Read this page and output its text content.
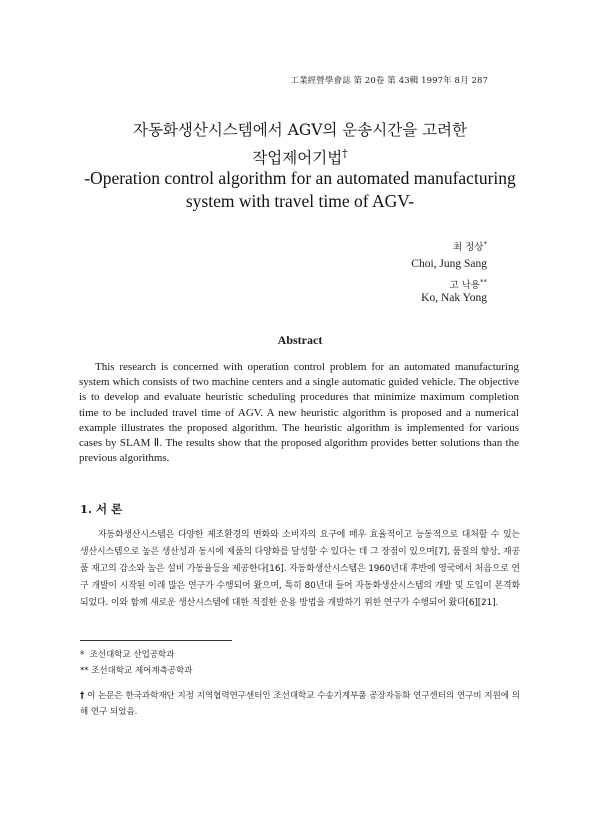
工業經營學會誌 第 20卷 第 43輯 1997年 8月 287
자동화생산시스템에서 AGV의 운송시간을 고려한
작업제어기법†
-Operation control algorithm for an automated manufacturing
system with travel time of AGV-
최 정상*
Choi, Jung Sang
고 낙용**
Ko, Nak Yong
Abstract
This research is concerned with operation control problem for an automated manufacturing system which consists of two machine centers and a single automatic guided vehicle. The objective is to develop and evaluate heuristic scheduling procedures that minimize maximum completion time to be included travel time of AGV. A new heuristic algorithm is proposed and a numerical example illustrates the proposed algorithm. The heuristic algorithm is implemented for various cases by SLAM Ⅱ. The results show that the proposed algorithm provides better solutions than the previous algorithms.
1. 서 론
자동화생산시스템은 다양한 제조환경의 변화와 소비자의 요구에 매우 효율적이고 능동적으로 대처할 수 있는 생산시스템으로 높은 생산성과 동시에 제품의 다양화를 달성할 수 있다는 데 그 장점이 있으며[7], 품질의 향상, 재공품 재고의 감소와 높은 설비 가동율등을 제공한다[16]. 자동화생산시스템은 1960년대 후반에 영국에서 처음으로 연구 개발이 시작된 이래 많은 연구가 수행되어 왔으며, 특히 80년대 들어 자동화생산시스템의 개발 및 도입이 본격화 되었다. 이와 함께 새로운 생산시스템에 대한 적절한 운용 방법을 개발하기 위한 연구가 수행되어 왔다[6][21].
* 조선대학교 산업공학과
** 조선대학교 제어계측공학과
† 이 논문은 한국과학재단 지정 지역협력연구센터인 조선대학교 수송기계부품 공장자동화 연구센터의 연구비 지원에 의해 연구 되었음.
